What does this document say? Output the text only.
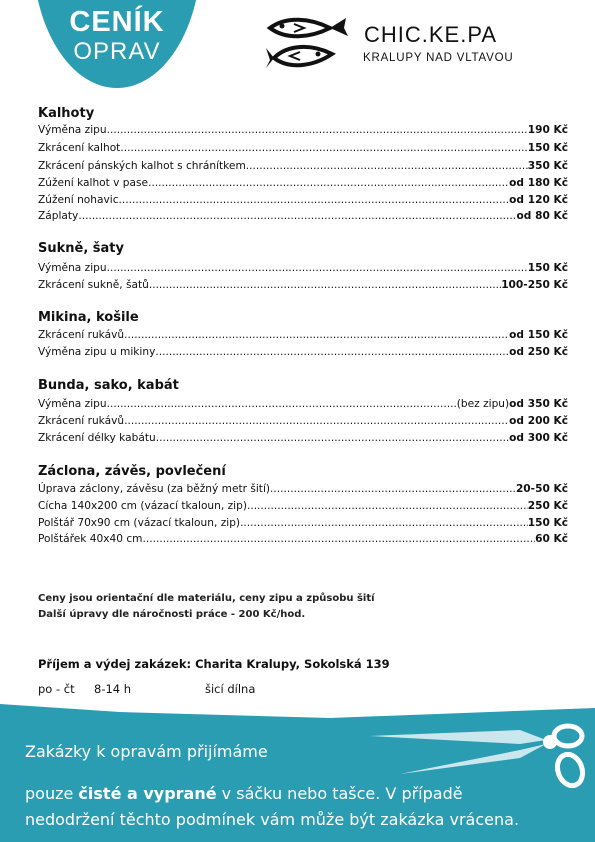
CENÍK
OPRAV
CHIC.KE.PA
KRALUPY NAD VLTAVOU
Kalhoty
Výměna zipu .....	190 Kč
Zkrácení kalhot .....	150 Kč
Zkrácení pánských kalhot s chránítkem .....	350 Kč
Zúžení kalhot v pase .....	od 180 Kč
Zúžení nohavic .....	od 120 Kč
Záplaty .....	od 80 Kč
Sukně, šaty
Výměna zipu .....	150 Kč
Zkrácení sukně, šatů .....	100-250 Kč
Mikina, košile
Zkrácení rukávů .....	od 150 Kč
Výměna zipu u mikiny .....	od 250 Kč
Bunda, sako, kabát
Výměna zipu .....	(bez zipu) od 350 Kč
Zkrácení rukávů .....	od 200 Kč
Zkrácení délky kabátu .....	od 300 Kč
Záclona, závěs, povlečení
Úprava záclony, závěsu (za běžný metr šití) .....	20-50 Kč
Cícha 140x200 cm (vázací tkaloun, zip) .....	250 Kč
Polštář 70x90 cm (vázací tkaloun, zip) .....	150 Kč
Polštářek 40x40 cm .....	60 Kč
Ceny jsou orientační dle materiálu, ceny zipu a způsobu šití
Další úpravy dle náročnosti práce - 200 Kč/hod.
Příjem a výdej zakázek: Charita Kralupy, Sokolská 139
po - čt 8-14 h	šicí dílna
Zakázky k opravám přijímáme
pouze čisté a vyprané v sáčku nebo tašce. V případě
nedodržení těchto podmínek vám může být zakázka vrácena.
